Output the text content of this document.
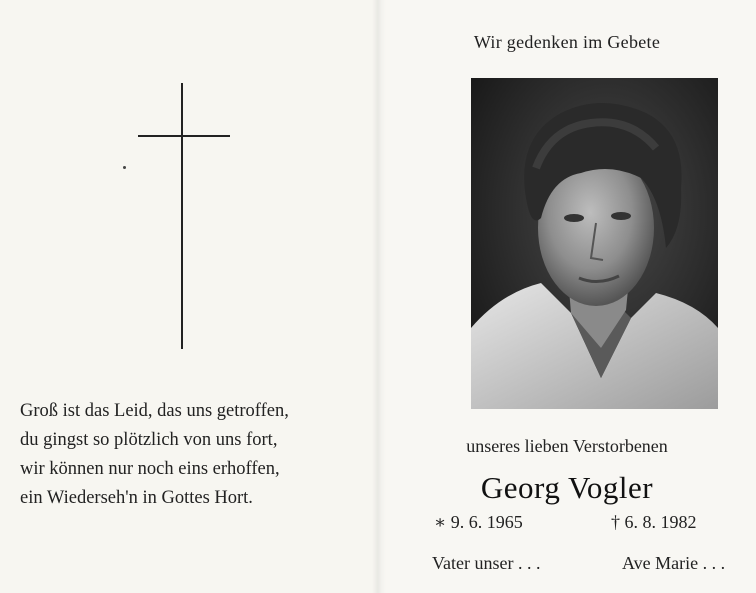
Groß ist das Leid, das uns getroffen,
du gingst so plötzlich von uns fort,
wir können nur noch eins erhoffen,
ein Wiederseh'n in Gottes Hort.
Wir gedenken im Gebete
unseres lieben Verstorbenen
Georg Vogler
∗ 9. 6. 1965	† 6. 8. 1982
Vater unser . . .	Ave Marie . . .
